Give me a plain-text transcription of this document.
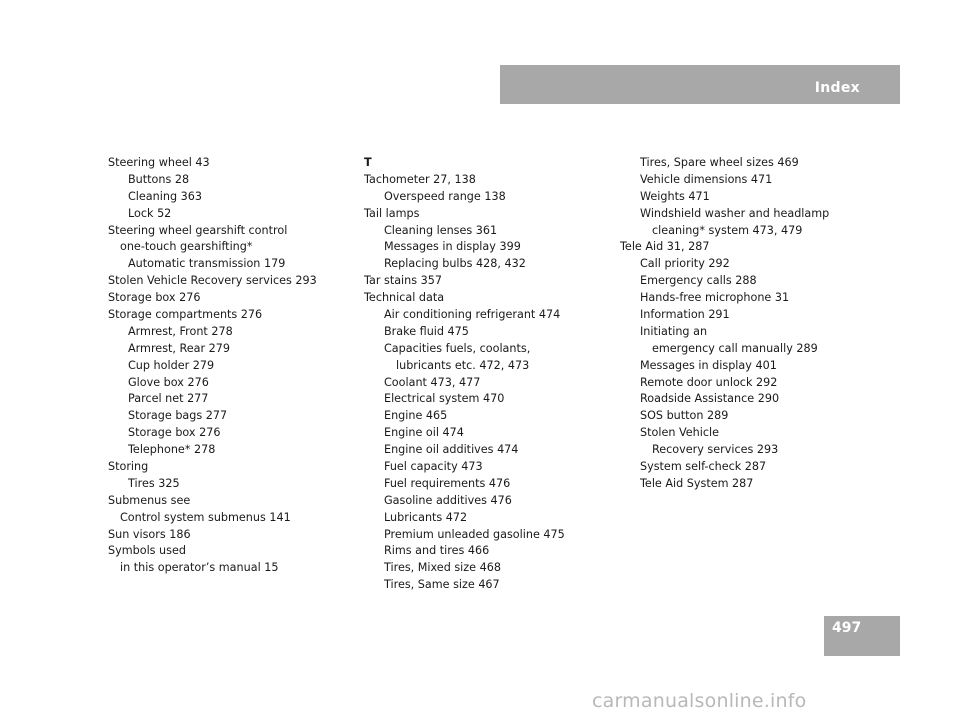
Index
Steering wheel 43
Buttons 28
Cleaning 363
Lock 52
Steering wheel gearshift control
one-touch gearshifting*
Automatic transmission 179
Stolen Vehicle Recovery services 293
Storage box 276
Storage compartments 276
Armrest, Front 278
Armrest, Rear 279
Cup holder 279
Glove box 276
Parcel net 277
Storage bags 277
Storage box 276
Telephone* 278
Storing
Tires 325
Submenus see
Control system submenus 141
Sun visors 186
Symbols used
in this operator’s manual 15
T
Tachometer 27, 138
Overspeed range 138
Tail lamps
Cleaning lenses 361
Messages in display 399
Replacing bulbs 428, 432
Tar stains 357
Technical data
Air conditioning refrigerant 474
Brake fluid 475
Capacities fuels, coolants,
lubricants etc. 472, 473
Coolant 473, 477
Electrical system 470
Engine 465
Engine oil 474
Engine oil additives 474
Fuel capacity 473
Fuel requirements 476
Gasoline additives 476
Lubricants 472
Premium unleaded gasoline 475
Rims and tires 466
Tires, Mixed size 468
Tires, Same size 467
Tires, Spare wheel sizes 469
Vehicle dimensions 471
Weights 471
Windshield washer and headlamp
cleaning* system 473, 479
Tele Aid 31, 287
Call priority 292
Emergency calls 288
Hands-free microphone 31
Information 291
Initiating an
emergency call manually 289
Messages in display 401
Remote door unlock 292
Roadside Assistance 290
SOS button 289
Stolen Vehicle
Recovery services 293
System self-check 287
Tele Aid System 287
497
carmanualsonline.info
